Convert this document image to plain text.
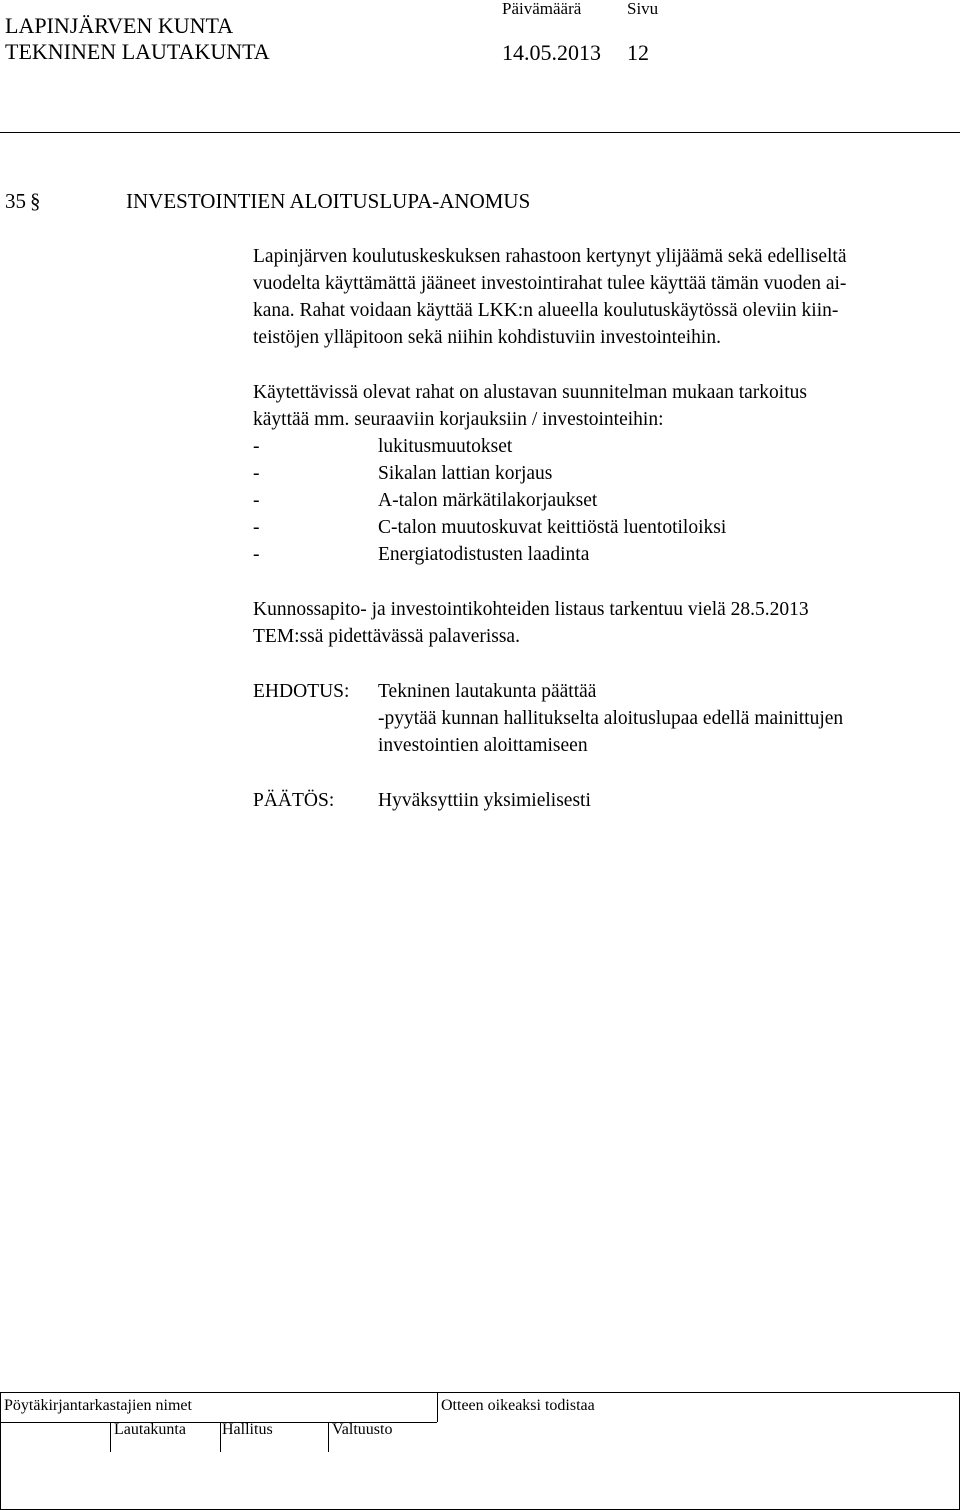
LAPINJÄRVEN KUNTA
TEKNINEN LAUTAKUNTA
Päivämäärä	Sivu
14.05.2013 12
35 §	INVESTOINTIEN ALOITUSLUPA-ANOMUS
Lapinjärven koulutuskeskuksen rahastoon kertynyt ylijäämä sekä edelliseltä
vuodelta käyttämättä jääneet investointirahat tulee käyttää tämän vuoden ai-
kana. Rahat voidaan käyttää LKK:n alueella koulutuskäytössä oleviin kiin-
teistöjen ylläpitoon sekä niihin kohdistuviin investointeihin.
Käytettävissä olevat rahat on alustavan suunnitelman mukaan tarkoitus
käyttää mm. seuraaviin korjauksiin / investointeihin:
-	lukitusmuutokset
-	Sikalan lattian korjaus
-	A-talon märkätilakorjaukset
-	C-talon muutoskuvat keittiöstä luentotiloiksi
-	Energiatodistusten laadinta
Kunnossapito- ja investointikohteiden listaus tarkentuu vielä 28.5.2013
TEM:ssä pidettävässä palaverissa.
EHDOTUS: Tekninen lautakunta päättää
-pyytää kunnan hallitukselta aloituslupaa edellä mainittujen
investointien aloittamiseen
PÄÄTÖS: Hyväksyttiin yksimielisesti
Pöytäkirjantarkastajien nimet	Otteen oikeaksi todistaa
Lautakunta Hallitus	Valtuusto
